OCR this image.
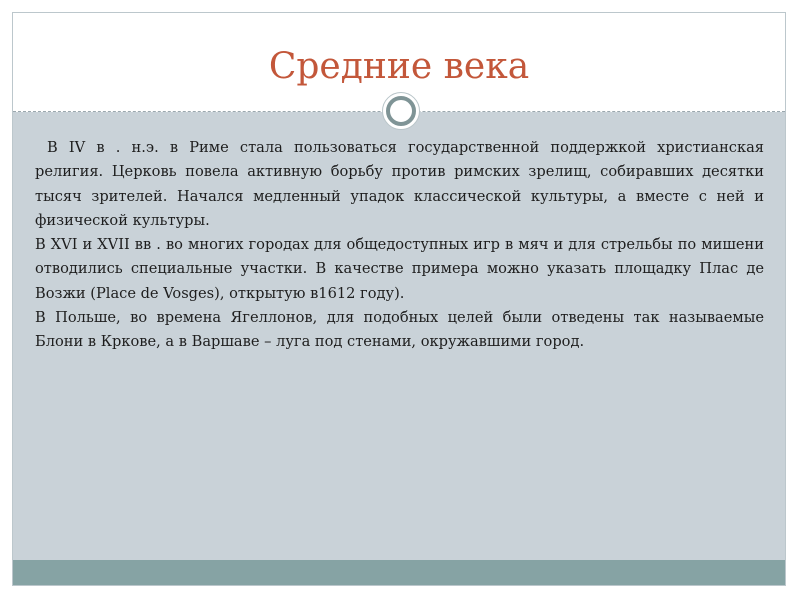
Средние века

В IV в . н.э. в Риме стала пользоваться государственной поддержкой христианская религия. Церковь повела активную борьбу против римских зрелищ, собиравших десятки тысяч зрителей. Начался медленный упадок классической культуры, а вместе с ней и физической культуры.

В XVI и XVII вв . во многих городах для общедоступных игр в мяч и для стрельбы по мишени отводились специальные участки. В качестве примера можно указать площадку Плас де Возжи (Place de Vosges), открытую в1612 году).

В Польше, во времена Ягеллонов, для подобных целей были отведены так называемые Блони в Кркове, а в Варшаве – луга под стенами, окружавшими город.
